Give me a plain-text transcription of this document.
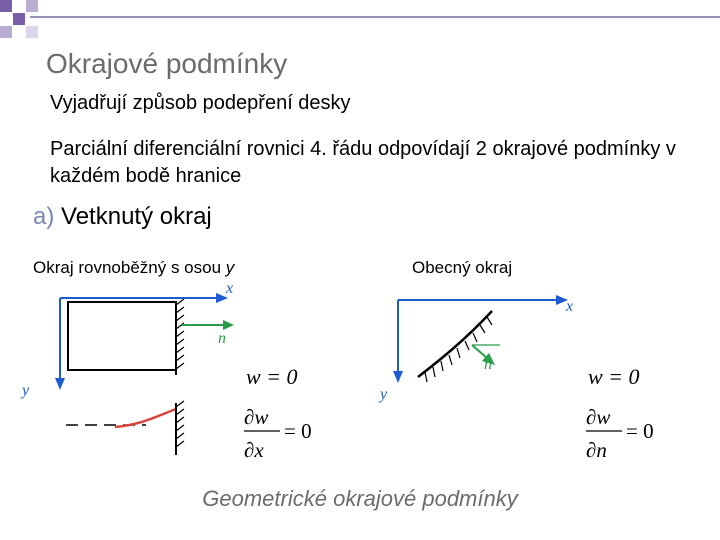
Okrajové podmínky
Vyjadřují způsob podepření desky
Parciální diferenciální rovnici 4. řádu odpovídají 2 okrajové podmínky v každém bodě hranice
a) Vetknutý okraj
Okraj rovnoběžný s osou y	Obecný okraj
x
y
n
x
y
n
w = 0
∂w
∂x
= 0
w = 0
∂w
∂n
= 0
Geometrické okrajové podmínky
